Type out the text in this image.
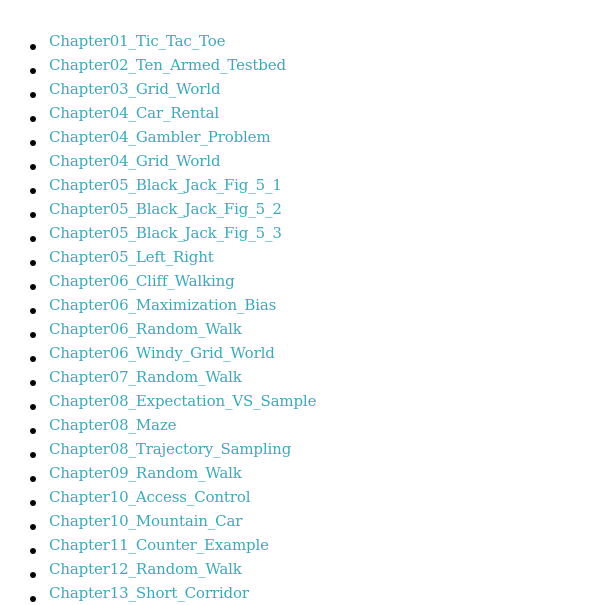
Chapter01_Tic_Tac_Toe
Chapter02_Ten_Armed_Testbed
Chapter03_Grid_World
Chapter04_Car_Rental
Chapter04_Gambler_Problem
Chapter04_Grid_World
Chapter05_Black_Jack_Fig_5_1
Chapter05_Black_Jack_Fig_5_2
Chapter05_Black_Jack_Fig_5_3
Chapter05_Left_Right
Chapter06_Cliff_Walking
Chapter06_Maximization_Bias
Chapter06_Random_Walk
Chapter06_Windy_Grid_World
Chapter07_Random_Walk
Chapter08_Expectation_VS_Sample
Chapter08_Maze
Chapter08_Trajectory_Sampling
Chapter09_Random_Walk
Chapter10_Access_Control
Chapter10_Mountain_Car
Chapter11_Counter_Example
Chapter12_Random_Walk
Chapter13_Short_Corridor
